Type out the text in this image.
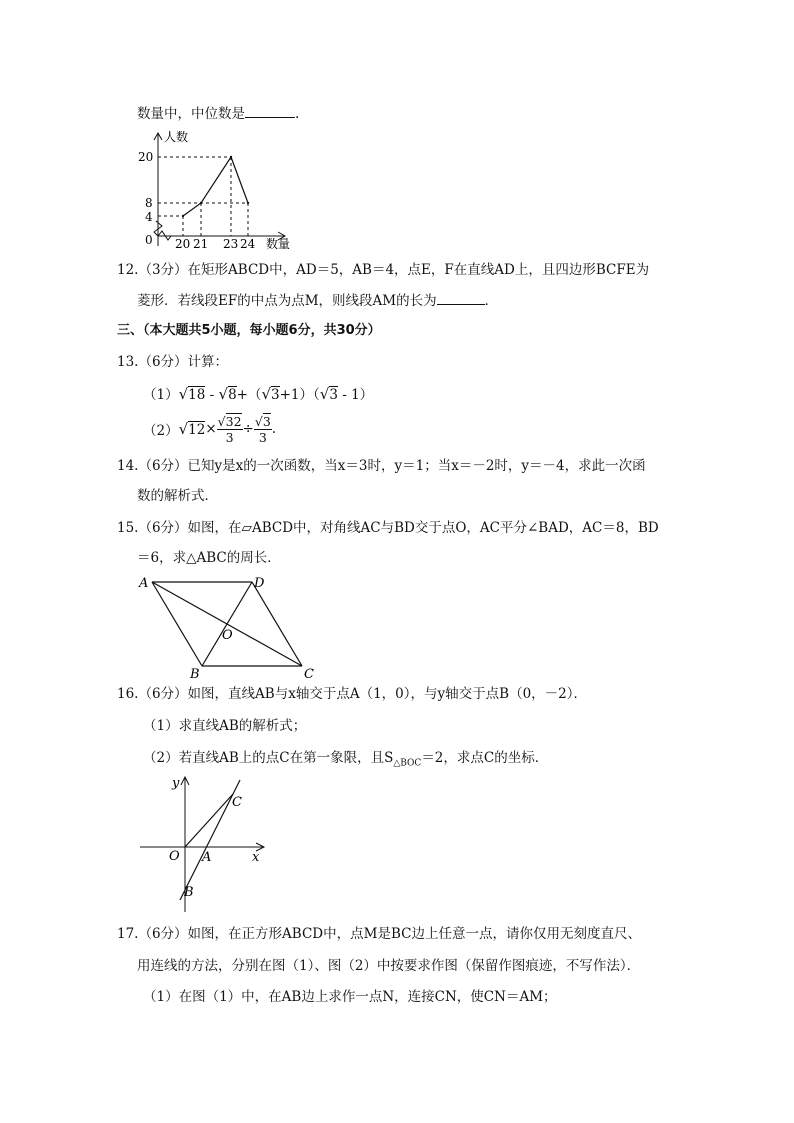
数量中，中位数是	.
人数
20
8
4
0 20 21 23 24 数量
12.（3分）在矩形ABCD中，AD＝5，AB＝4，点E，F在直线AD上，且四边形BCFE为
菱形．若线段EF的中点为点M，则线段AM的长为	．
三、（本大题共5小题，每小题6分，共30分）
13.（6分）计算：
（1）√18 - √8+（√3+1）（√3 - 1）
（2） $√12 \times \frac{√32}{3} \div \frac{√3}{3}$ .
14.（6分）已知y是x的一次函数，当x＝3时，y＝1；当x＝－2时，y＝－4，求此一次函
数的解析式．
15.（6分）如图，在▱ABCD中，对角线AC与BD交于点O，AC平分∠BAD，AC＝8，BD
＝6，求△ABC的周长．
A	D
B	C
O
16.（6分）如图，直线AB与x轴交于点A（1，0），与y轴交于点B（0，－2）．
（1）求直线AB的解析式；
（2）若直线AB上的点C在第一象限，且$S_{\triangle BOC}=2$，求点C的坐标．
y
x
O A
B
C
17.（6分）如图，在正方形ABCD中，点M是BC边上任意一点，请你仅用无刻度直尺、
用连线的方法，分别在图（1）、图（2）中按要求作图（保留作图痕迹，不写作法）．
（1）在图（1）中，在AB边上求作一点N，连接CN，使CN＝AM；
